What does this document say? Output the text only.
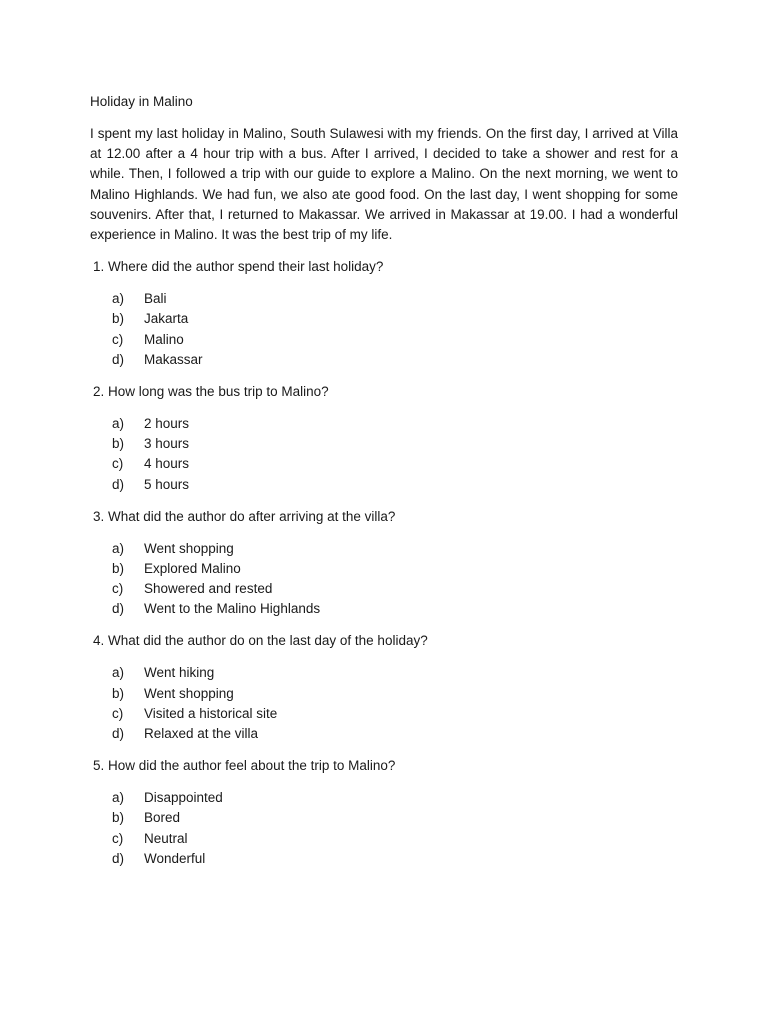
Holiday in Malino

I spent my last holiday in Malino, South Sulawesi with my friends. On the first day, I arrived at Villa at 12.00 after a 4 hour trip with a bus. After I arrived, I decided to take a shower and rest for a while. Then, I followed a trip with our guide to explore a Malino. On the next morning, we went to Malino Highlands. We had fun, we also ate good food. On the last day, I went shopping for some souvenirs. After that, I returned to Makassar. We arrived in Makassar at 19.00. I had a wonderful experience in Malino. It was the best trip of my life.

1. Where did the author spend their last holiday?
a) Bali
b) Jakarta
c) Malino
d) Makassar
2. How long was the bus trip to Malino?
a) 2 hours
b) 3 hours
c) 4 hours
d) 5 hours
3. What did the author do after arriving at the villa?
a) Went shopping
b) Explored Malino
c) Showered and rested
d) Went to the Malino Highlands
4. What did the author do on the last day of the holiday?
a) Went hiking
b) Went shopping
c) Visited a historical site
d) Relaxed at the villa
5. How did the author feel about the trip to Malino?
a) Disappointed
b) Bored
c) Neutral
d) Wonderful
